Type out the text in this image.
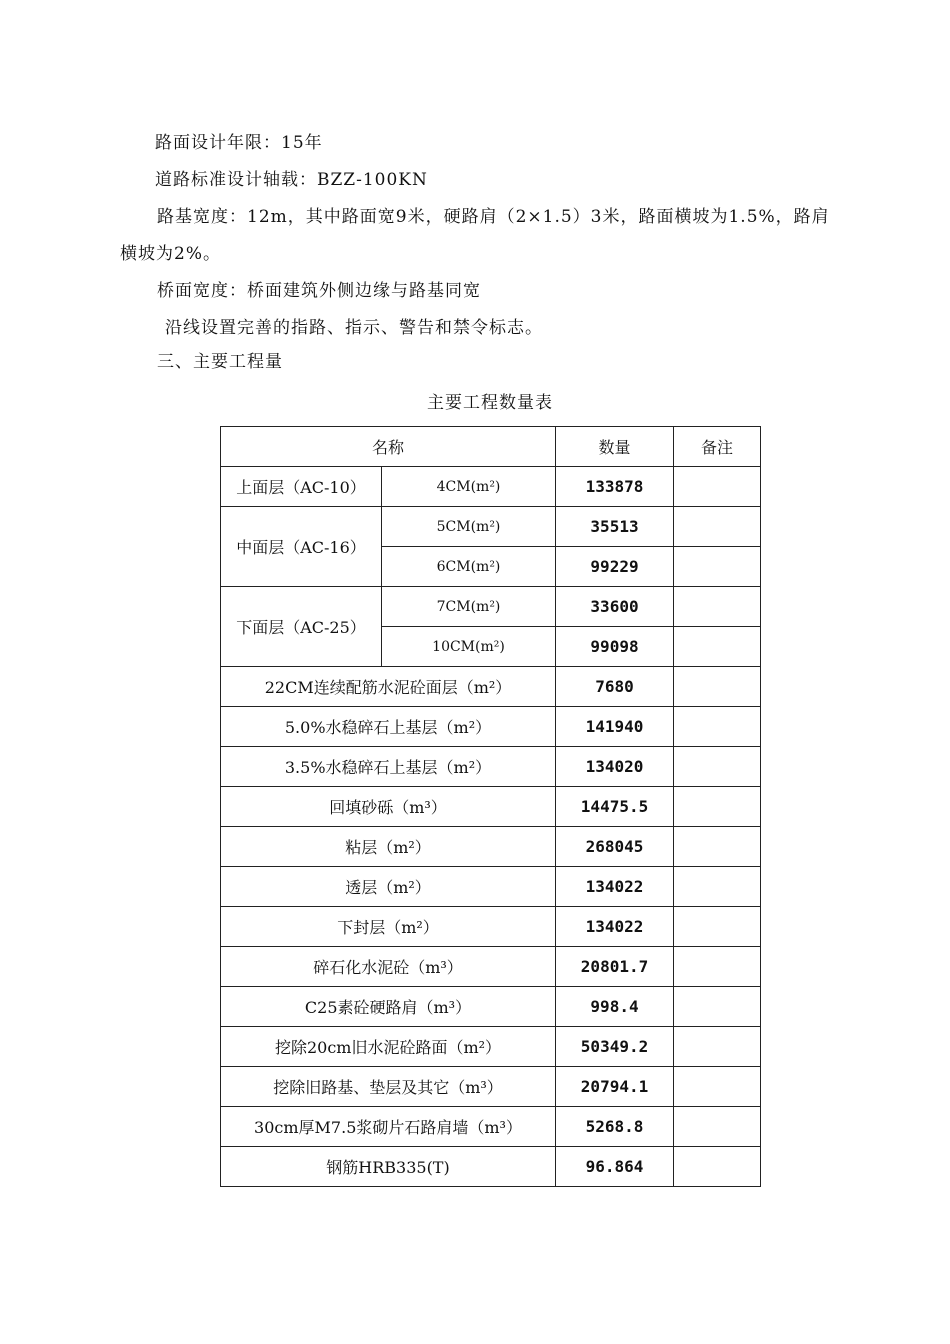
路面设计年限：15年
道路标准设计轴载：BZZ-100KN
路基宽度：12m，其中路面宽9米，硬路肩（2×1.5）3米，路面横坡为1.5%，路肩
横坡为2%。
桥面宽度：桥面建筑外侧边缘与路基同宽
沿线设置完善的指路、指示、警告和禁令标志。
三、主要工程量
主要工程数量表
名称		数量	备注
上面层（AC-10）	4CM(m²)	133878	
中面层（AC-16）	5CM(m²)	35513	
	6CM(m²)	99229	
下面层（AC-25）	7CM(m²)	33600	
	10CM(m²)	99098	
22CM连续配筋水泥砼面层（m²）		7680	
5.0%水稳碎石上基层（m²）		141940	
3.5%水稳碎石上基层（m²）		134020	
回填砂砾（m³）		14475.5	
粘层（m²）		268045	
透层（m²）		134022	
下封层（m²）		134022	
碎石化水泥砼（m³）		20801.7	
C25素砼硬路肩（m³）		998.4	
挖除20cm旧水泥砼路面（m²）		50349.2	
挖除旧路基、垫层及其它（m³）		20794.1	
30cm厚M7.5浆砌片石路肩墙（m³）		5268.8	
钢筋HRB335(T)		96.864	
